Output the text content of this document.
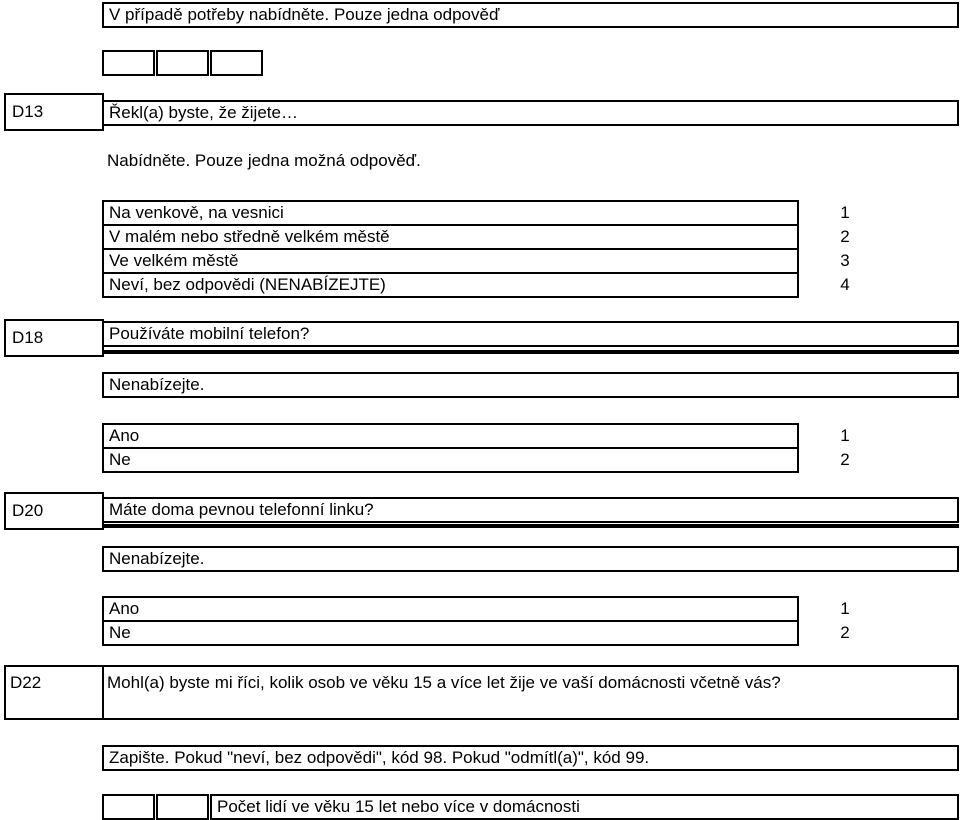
V případě potřeby nabídněte. Pouze jedna odpověď
D13	Řekl(a) byste, že žijete…
Nabídněte. Pouze jedna možná odpověď.
Na venkově, na vesnici	1
V malém nebo středně velkém městě	2
Ve velkém městě	3
Neví, bez odpovědi (NENABÍZEJTE)	4
D18	Používáte mobilní telefon?
Nenabízejte.
Ano	1
Ne	2
D20	Máte doma pevnou telefonní linku?
Nenabízejte.
Ano	1
Ne	2
D22	Mohl(a) byste mi říci, kolik osob ve věku 15 a více let žije ve vaší domácnosti včetně vás?
Zapište. Pokud "neví, bez odpovědi", kód 98. Pokud "odmítl(a)", kód 99.
Počet lidí ve věku 15 let nebo více v domácnosti
